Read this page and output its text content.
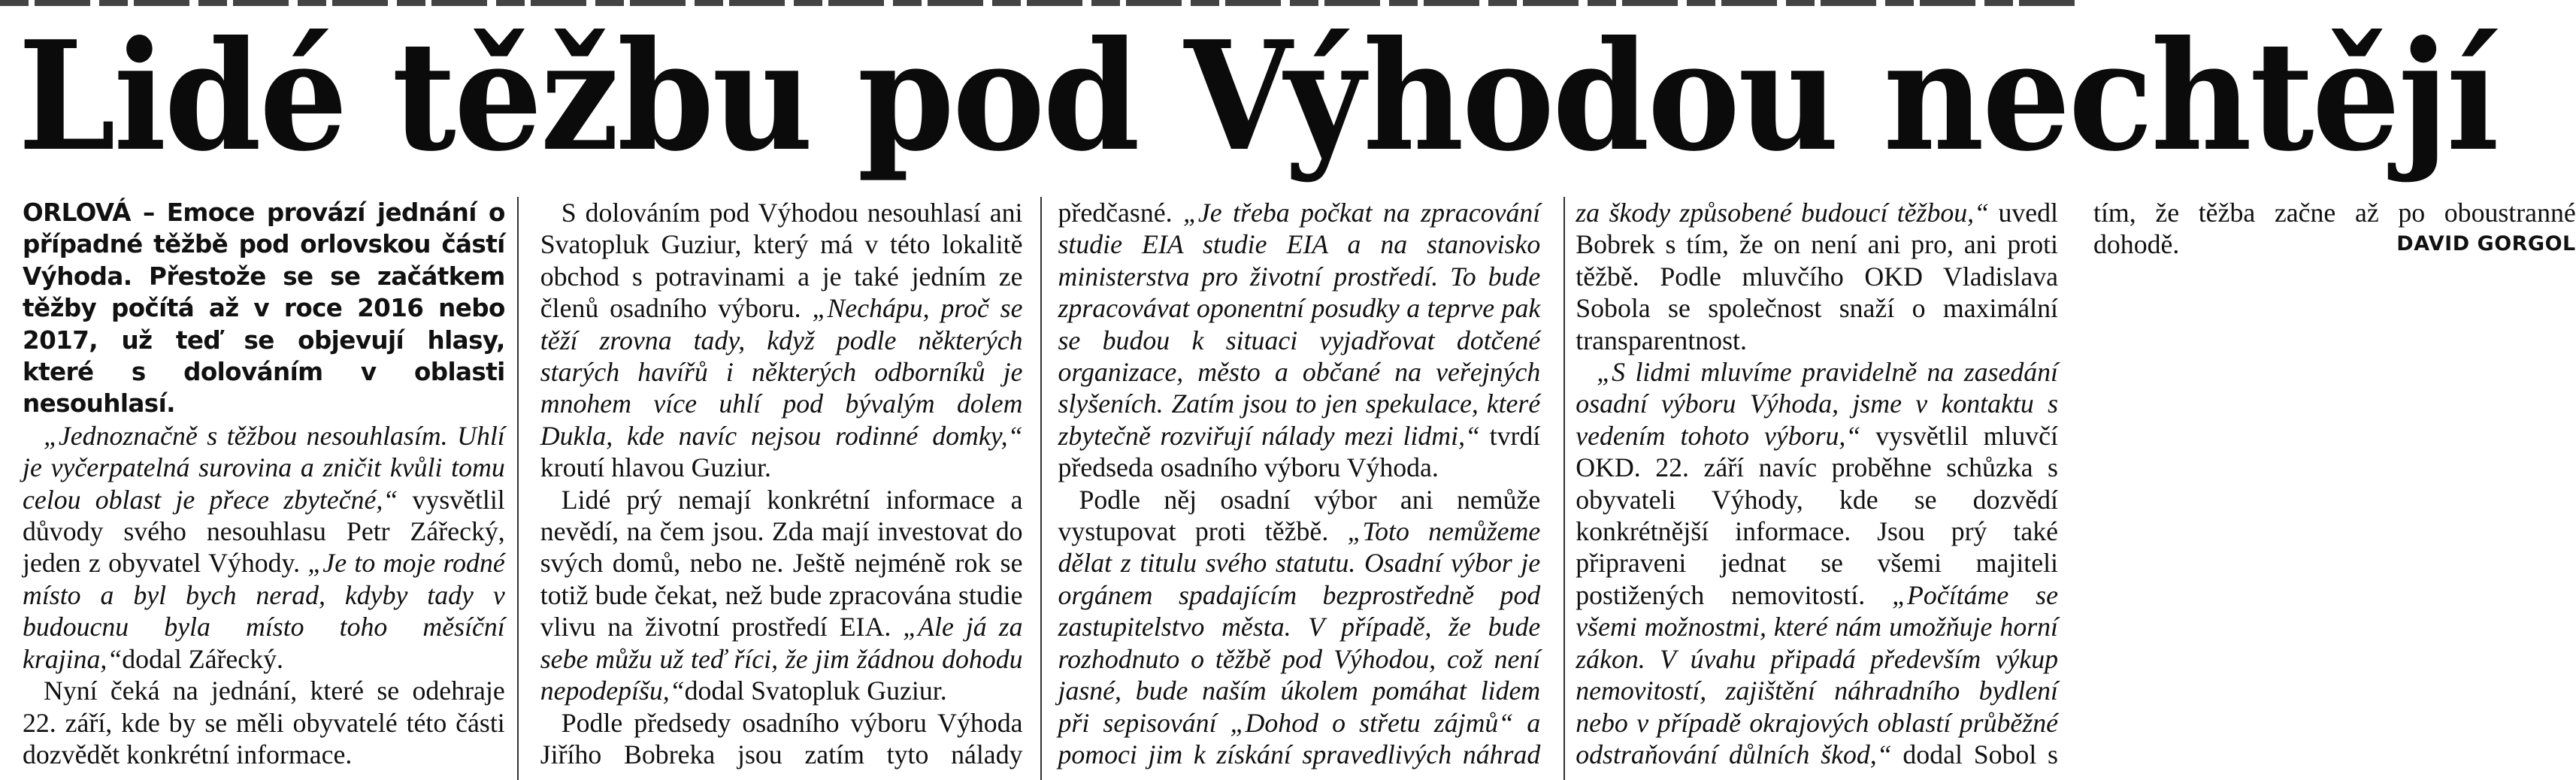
Lidé těžbu pod Výhodou nechtějí

ORLOVÁ – Emoce provází jednání o případné těžbě pod orlovskou částí Výhoda. Přestože se se začátkem těžby počítá až v roce 2016 nebo 2017, už teď se objevují hlasy, které s dolováním v oblasti nesouhlasí.

„Jednoznačně s těžbou nesouhlasím. Uhlí je vyčerpatelná surovina a zničit kvůli tomu celou oblast je přece zbytečné,“ vysvětlil důvody svého nesouhlasu Petr Zářecký, jeden z obyvatel Výhody. „Je to moje rodné místo a byl bych nerad, kdyby tady v budoucnu byla místo toho měsíční krajina,“dodal Zářecký.

Nyní čeká na jednání, které se odehraje 22. září, kde by se měli obyvatelé této části dozvědět konkrétní informace.

S dolováním pod Výhodou nesouhlasí ani Svatopluk Guziur, který má v této lokalitě obchod s potravinami a je také jedním ze členů osadního výboru. „Nechápu, proč se těží zrovna tady, když podle některých starých havířů i některých odborníků je mnohem více uhlí pod bývalým dolem Dukla, kde navíc nejsou rodinné domky,“ kroutí hlavou Guziur.

Lidé prý nemají konkrétní informace a nevědí, na čem jsou. Zda mají investovat do svých domů, nebo ne. Ještě nejméně rok se totiž bude čekat, než bude zpracována studie vlivu na životní prostředí EIA. „Ale já za sebe můžu už teď říci, že jim žádnou dohodu nepodepíšu,“dodal Svatopluk Guziur.

Podle předsedy osadního výboru Výhoda Jiřího Bobreka jsou zatím tyto nálady předčasné. „Je třeba počkat na zpracování studie EIA studie EIA a na stanovisko ministerstva pro životní prostředí. To bude zpracovávat oponentní posudky a teprve pak se budou k situaci vyjadřovat dotčené organizace, město a občané na veřejných slyšeních. Zatím jsou to jen spekulace, které zbytečně rozviřují nálady mezi lidmi,“ tvrdí předseda osadního výboru Výhoda.

Podle něj osadní výbor ani nemůže vystupovat proti těžbě. „Toto nemůžeme dělat z titulu svého statutu. Osadní výbor je orgánem spadajícím bezprostředně pod zastupitelstvo města. V případě, že bude rozhodnuto o těžbě pod Výhodou, což není jasné, bude naším úkolem pomáhat lidem při sepisování „Dohod o střetu zájmů“ a pomoci jim k získání spravedlivých náhrad za škody způsobené budoucí těžbou,“ uvedl Bobrek s tím, že on není ani pro, ani proti těžbě. Podle mluvčího OKD Vladislava Sobola se společnost snaží o maximální transparentnost.

„S lidmi mluvíme pravidelně na zasedání osadní výboru Výhoda, jsme v kontaktu s vedením tohoto výboru,“ vysvětlil mluvčí OKD. 22. září navíc proběhne schůzka s obyvateli Výhody, kde se dozvědí konkrétnější informace. Jsou prý také připraveni jednat se všemi majiteli postižených nemovitostí. „Počítáme se všemi možnostmi, které nám umožňuje horní zákon. V úvahu připadá především výkup nemovitostí, zajištění náhradního bydlení nebo v případě okrajových oblastí průběžné odstraňování důlních škod,“ dodal Sobol s tím, že těžba začne až po oboustranné dohodě.	DAVID GORGOL
